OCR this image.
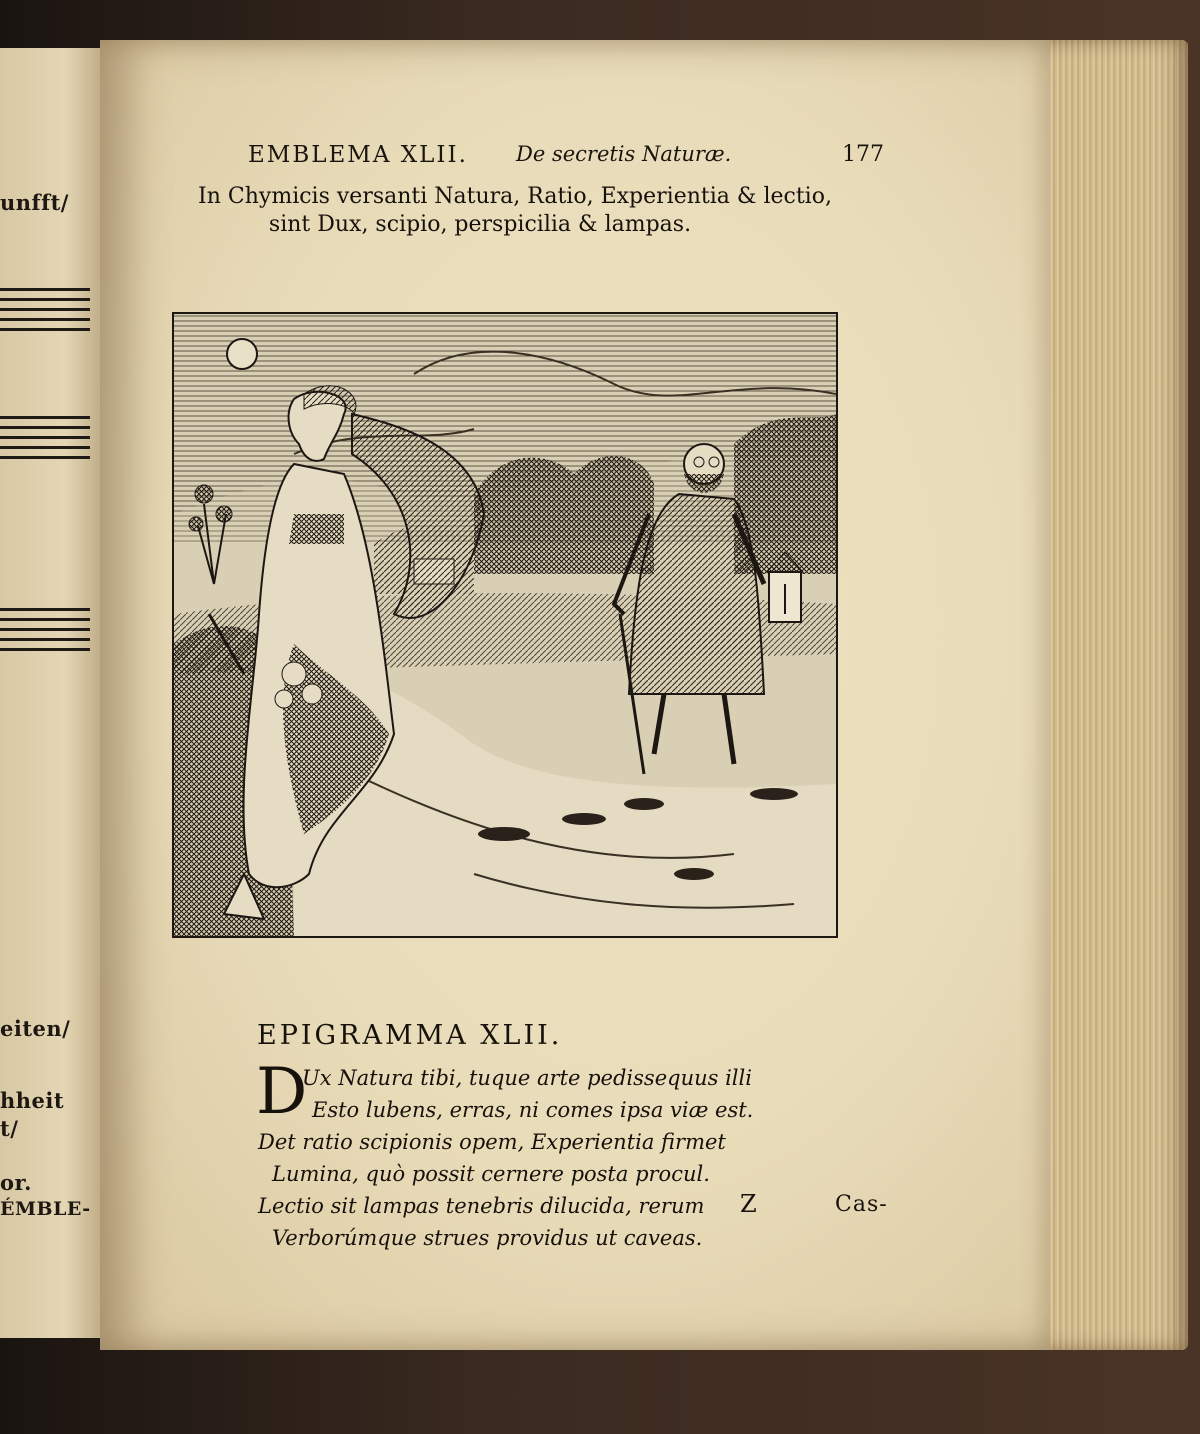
unfft/
eiten/
hheit
t/
or.
ÉMBLE-
EMBLEMA XLII. De secretis Naturæ.	177
In Chymicis versanti Natura, Ratio, Experientia & lectio,
sint Dux, scipio, perspicilia & lampas.
EPIGRAMMA XLII.
D
Ux Natura tibi, tuque arte pedissequus illi
Esto lubens, erras, ni comes ipsa viæ est.
Det ratio scipionis opem, Experientia firmet
Lumina, quò possit cernere posta procul.
Lectio sit lampas tenebris dilucida, rerum
Verborúmque strues providus ut caveas.
Z	Cas-
